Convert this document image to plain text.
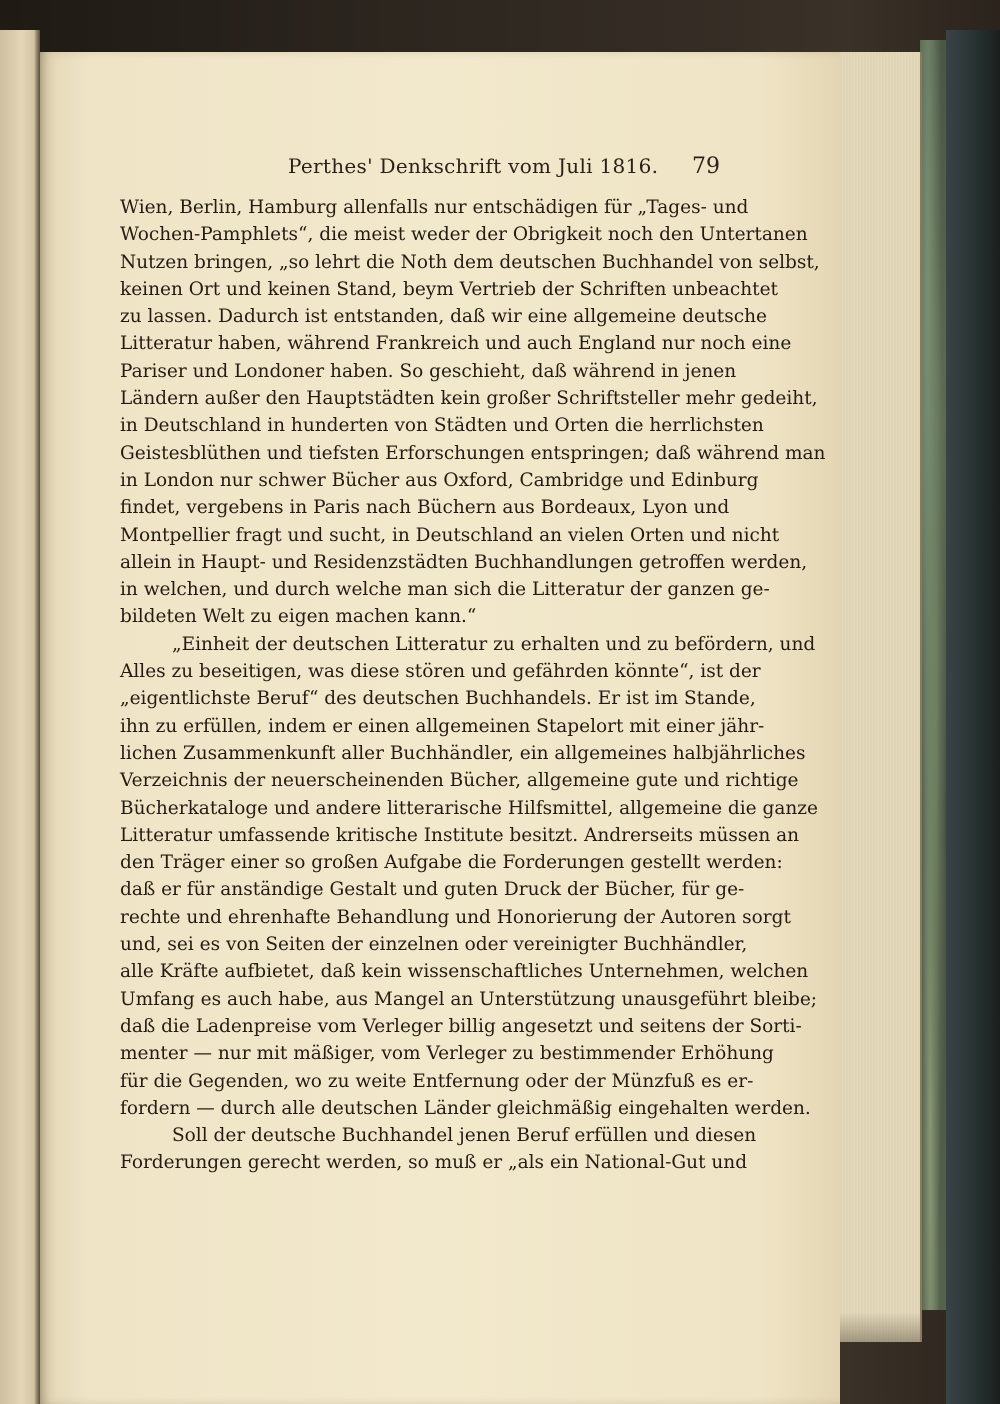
Perthes' Denkschrift vom Juli 1816. 79
Wien, Berlin, Hamburg allenfalls nur entschädigen für „Tages- und
Wochen-Pamphlets“, die meist weder der Obrigkeit noch den Untertanen
Nutzen bringen, „so lehrt die Noth dem deutschen Buchhandel von selbst,
keinen Ort und keinen Stand, beym Vertrieb der Schriften unbeachtet
zu lassen. Dadurch ist entstanden, daß wir eine allgemeine deutsche
Litteratur haben, während Frankreich und auch England nur noch eine
Pariser und Londoner haben. So geschieht, daß während in jenen
Ländern außer den Hauptstädten kein großer Schriftsteller mehr gedeiht,
in Deutschland in hunderten von Städten und Orten die herrlichsten
Geistesblüthen und tiefsten Erforschungen entspringen; daß während man
in London nur schwer Bücher aus Oxford, Cambridge und Edinburg
findet, vergebens in Paris nach Büchern aus Bordeaux, Lyon und
Montpellier fragt und sucht, in Deutschland an vielen Orten und nicht
allein in Haupt- und Residenzstädten Buchhandlungen getroffen werden,
in welchen, und durch welche man sich die Litteratur der ganzen ge-
bildeten Welt zu eigen machen kann.“
„Einheit der deutschen Litteratur zu erhalten und zu befördern, und
Alles zu beseitigen, was diese stören und gefährden könnte“, ist der
„eigentlichste Beruf“ des deutschen Buchhandels. Er ist im Stande,
ihn zu erfüllen, indem er einen allgemeinen Stapelort mit einer jähr-
lichen Zusammenkunft aller Buchhändler, ein allgemeines halbjährliches
Verzeichnis der neuerscheinenden Bücher, allgemeine gute und richtige
Bücherkataloge und andere litterarische Hilfsmittel, allgemeine die ganze
Litteratur umfassende kritische Institute besitzt. Andrerseits müssen an
den Träger einer so großen Aufgabe die Forderungen gestellt werden:
daß er für anständige Gestalt und guten Druck der Bücher, für ge-
rechte und ehrenhafte Behandlung und Honorierung der Autoren sorgt
und, sei es von Seiten der einzelnen oder vereinigter Buchhändler,
alle Kräfte aufbietet, daß kein wissenschaftliches Unternehmen, welchen
Umfang es auch habe, aus Mangel an Unterstützung unausgeführt bleibe;
daß die Ladenpreise vom Verleger billig angesetzt und seitens der Sorti-
menter — nur mit mäßiger, vom Verleger zu bestimmender Erhöhung
für die Gegenden, wo zu weite Entfernung oder der Münzfuß es er-
fordern — durch alle deutschen Länder gleichmäßig eingehalten werden.
Soll der deutsche Buchhandel jenen Beruf erfüllen und diesen
Forderungen gerecht werden, so muß er „als ein National-Gut und
